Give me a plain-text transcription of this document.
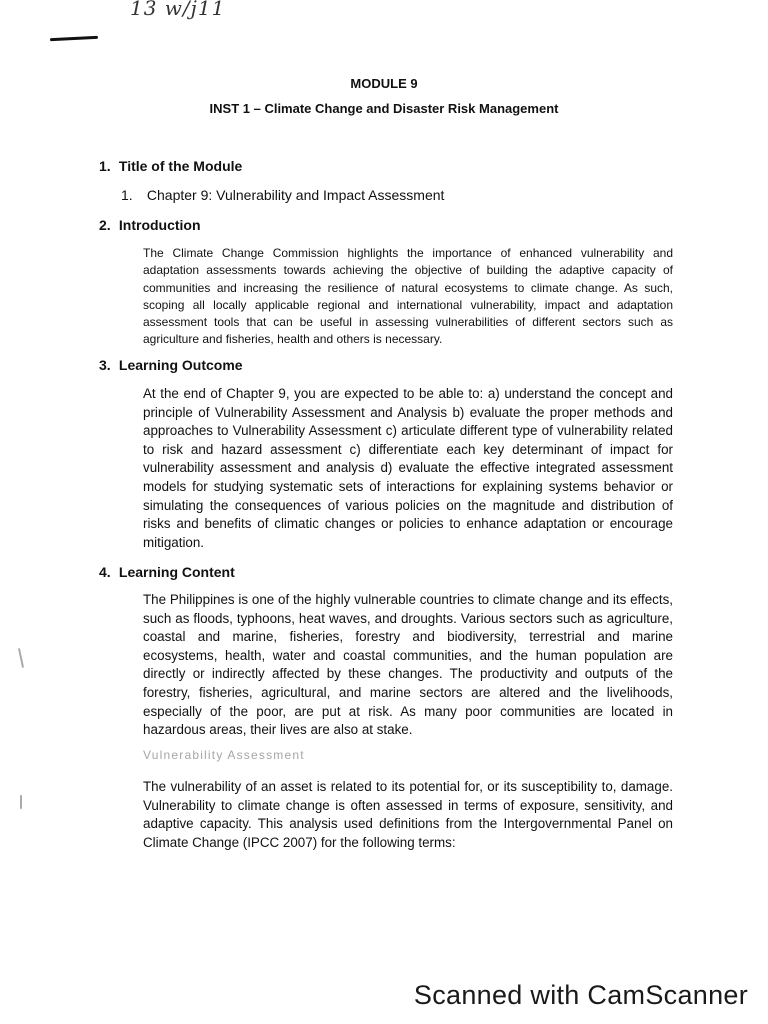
13 w/j11
MODULE 9
INST 1 – Climate Change and Disaster Risk Management
1. Title of the Module
1. Chapter 9: Vulnerability and Impact Assessment
2. Introduction

The Climate Change Commission highlights the importance of enhanced vulnerability and adaptation assessments towards achieving the objective of building the adaptive capacity of communities and increasing the resilience of natural ecosystems to climate change. As such, scoping all locally applicable regional and international vulnerability, impact and adaptation assessment tools that can be useful in assessing vulnerabilities of different sectors such as agriculture and fisheries, health and others is necessary.

3. Learning Outcome

At the end of Chapter 9, you are expected to be able to: a) understand the concept and principle of Vulnerability Assessment and Analysis b) evaluate the proper methods and approaches to Vulnerability Assessment c) articulate different type of vulnerability related to risk and hazard assessment c) differentiate each key determinant of impact for vulnerability assessment and analysis d) evaluate the effective integrated assessment models for studying systematic sets of interactions for explaining systems behavior or simulating the consequences of various policies on the magnitude and distribution of risks and benefits of climatic changes or policies to enhance adaptation or encourage mitigation.

4. Learning Content

The Philippines is one of the highly vulnerable countries to climate change and its effects, such as floods, typhoons, heat waves, and droughts. Various sectors such as agriculture, coastal and marine, fisheries, forestry and biodiversity, terrestrial and marine ecosystems, health, water and coastal communities, and the human population are directly or indirectly affected by these changes. The productivity and outputs of the forestry, fisheries, agricultural, and marine sectors are altered and the livelihoods, especially of the poor, are put at risk. As many poor communities are located in hazardous areas, their lives are also at stake.

Vulnerability Assessment

The vulnerability of an asset is related to its potential for, or its susceptibility to, damage. Vulnerability to climate change is often assessed in terms of exposure, sensitivity, and adaptive capacity. This analysis used definitions from the Intergovernmental Panel on Climate Change (IPCC 2007) for the following terms:

Scanned with CamScanner
